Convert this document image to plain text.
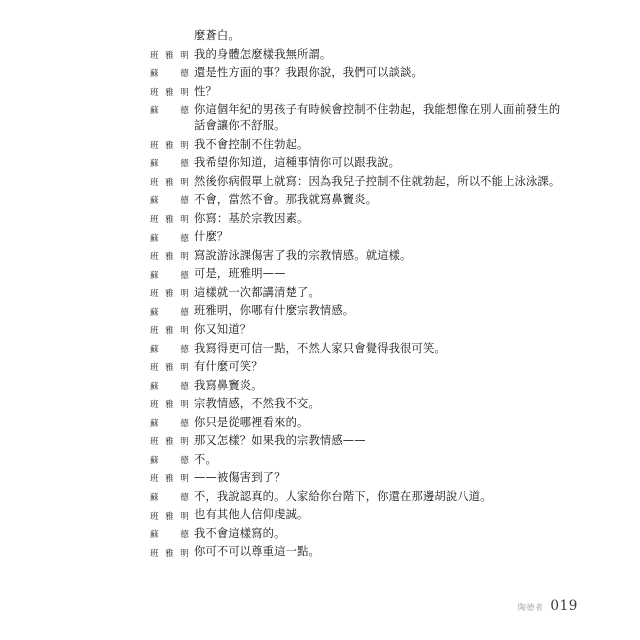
麼蒼白。
班雅明 我的身體怎麼樣我無所謂。
蘇德 還是性方面的事？我跟你說，我們可以談談。
班雅明 性？
蘇德 你這個年紀的男孩子有時候會控制不住勃起，我能想像在別人面前發生的話會讓你不舒服。
班雅明 我不會控制不住勃起。
蘇德 我希望你知道，這種事情你可以跟我說。
班雅明 然後你病假單上就寫：因為我兒子控制不住就勃起，所以不能上泳泳課。
蘇德 不會，當然不會。那我就寫鼻竇炎。
班雅明 你寫：基於宗教因素。
蘇德 什麼？
班雅明 寫說游泳課傷害了我的宗教情感。就這樣。
蘇德 可是，班雅明——
班雅明 這樣就一次都講清楚了。
蘇德 班雅明，你哪有什麼宗教情感。
班雅明 你又知道？
蘇德 我寫得更可信一點，不然人家只會覺得我很可笑。
班雅明 有什麼可笑？
蘇德 我寫鼻竇炎。
班雅明 宗教情感，不然我不交。
蘇德 你只是從哪裡看來的。
班雅明 那又怎樣？如果我的宗教情感——
蘇德 不。
班雅明 ——被傷害到了？
蘇德 不，我說認真的。人家給你台階下，你還在那邊胡說八道。
班雅明 也有其他人信仰虔誠。
蘇德 我不會這樣寫的。
班雅明 你可不可以尊重這一點。
陶德者 019
